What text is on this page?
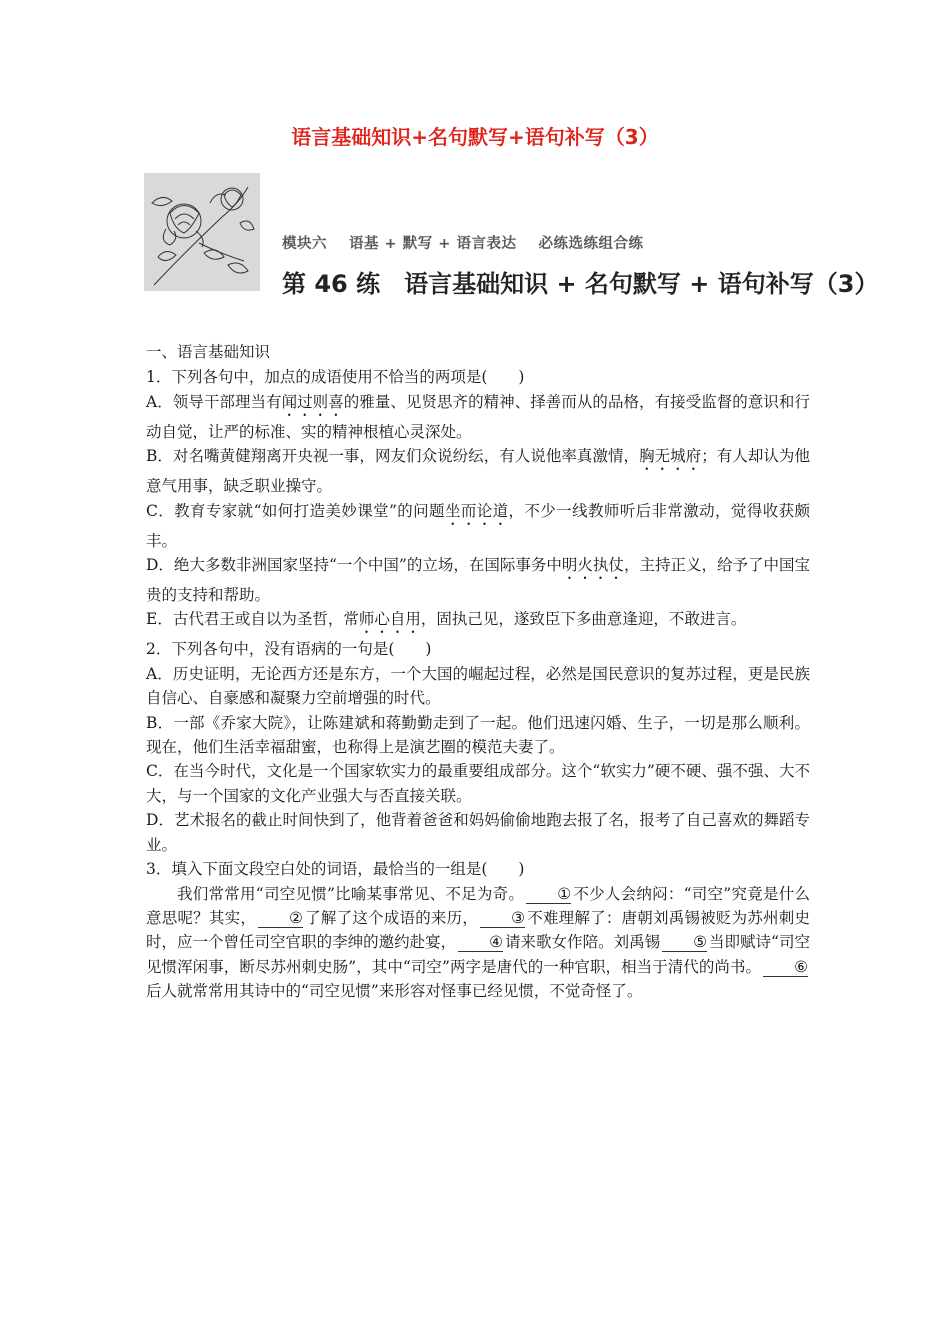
语言基础知识+名句默写+语句补写（3）
模块六 语基 + 默写 + 语言表达 必练选练组合练
第 46 练 语言基础知识 + 名句默写 + 语句补写（3）

一、语言基础知识

1．下列各句中，加点的成语使用不恰当的两项是(　　)

A．领导干部理当有闻过则喜的雅量、见贤思齐的精神、择善而从的品格，有接受监督的意识和行动自觉，让严的标准、实的精神根植心灵深处。

B．对名嘴黄健翔离开央视一事，网友们众说纷纭，有人说他率真激情，胸无城府；有人却认为他意气用事，缺乏职业操守。

C．教育专家就“如何打造美妙课堂”的问题坐而论道，不少一线教师听后非常激动，觉得收获颇丰。

D．绝大多数非洲国家坚持“一个中国”的立场，在国际事务中明火执仗，主持正义，给予了中国宝贵的支持和帮助。

E．古代君王或自以为圣哲，常师心自用，固执己见，遂致臣下多曲意逢迎，不敢进言。

2．下列各句中，没有语病的一句是(　　)

A．历史证明，无论西方还是东方，一个大国的崛起过程，必然是国民意识的复苏过程，更是民族自信心、自豪感和凝聚力空前增强的时代。

B．一部《乔家大院》，让陈建斌和蒋勤勤走到了一起。他们迅速闪婚、生子，一切是那么顺利。现在，他们生活幸福甜蜜，也称得上是演艺圈的模范夫妻了。

C．在当今时代，文化是一个国家软实力的最重要组成部分。这个“软实力”硬不硬、强不强、大不大，与一个国家的文化产业强大与否直接关联。

D．艺术报名的截止时间快到了，他背着爸爸和妈妈偷偷地跑去报了名，报考了自己喜欢的舞蹈专业。

3．填入下面文段空白处的词语，最恰当的一组是(　　)

我们常常用“司空见惯”比喻某事常见、不足为奇。 ① 不少人会纳闷：“司空”究竟是什么意思呢？其实， ② 了解了这个成语的来历， ③ 不难理解了：唐朝刘禹锡被贬为苏州刺史时，应一个曾任司空官职的李绅的邀约赴宴， ④ 请来歌女作陪。刘禹锡 ⑤ 当即赋诗“司空见惯浑闲事，断尽苏州刺史肠”，其中“司空”两字是唐代的一种官职，相当于清代的尚书。 ⑥后人就常常用其诗中的“司空见惯”来形容对怪事已经见惯，不觉奇怪了。
